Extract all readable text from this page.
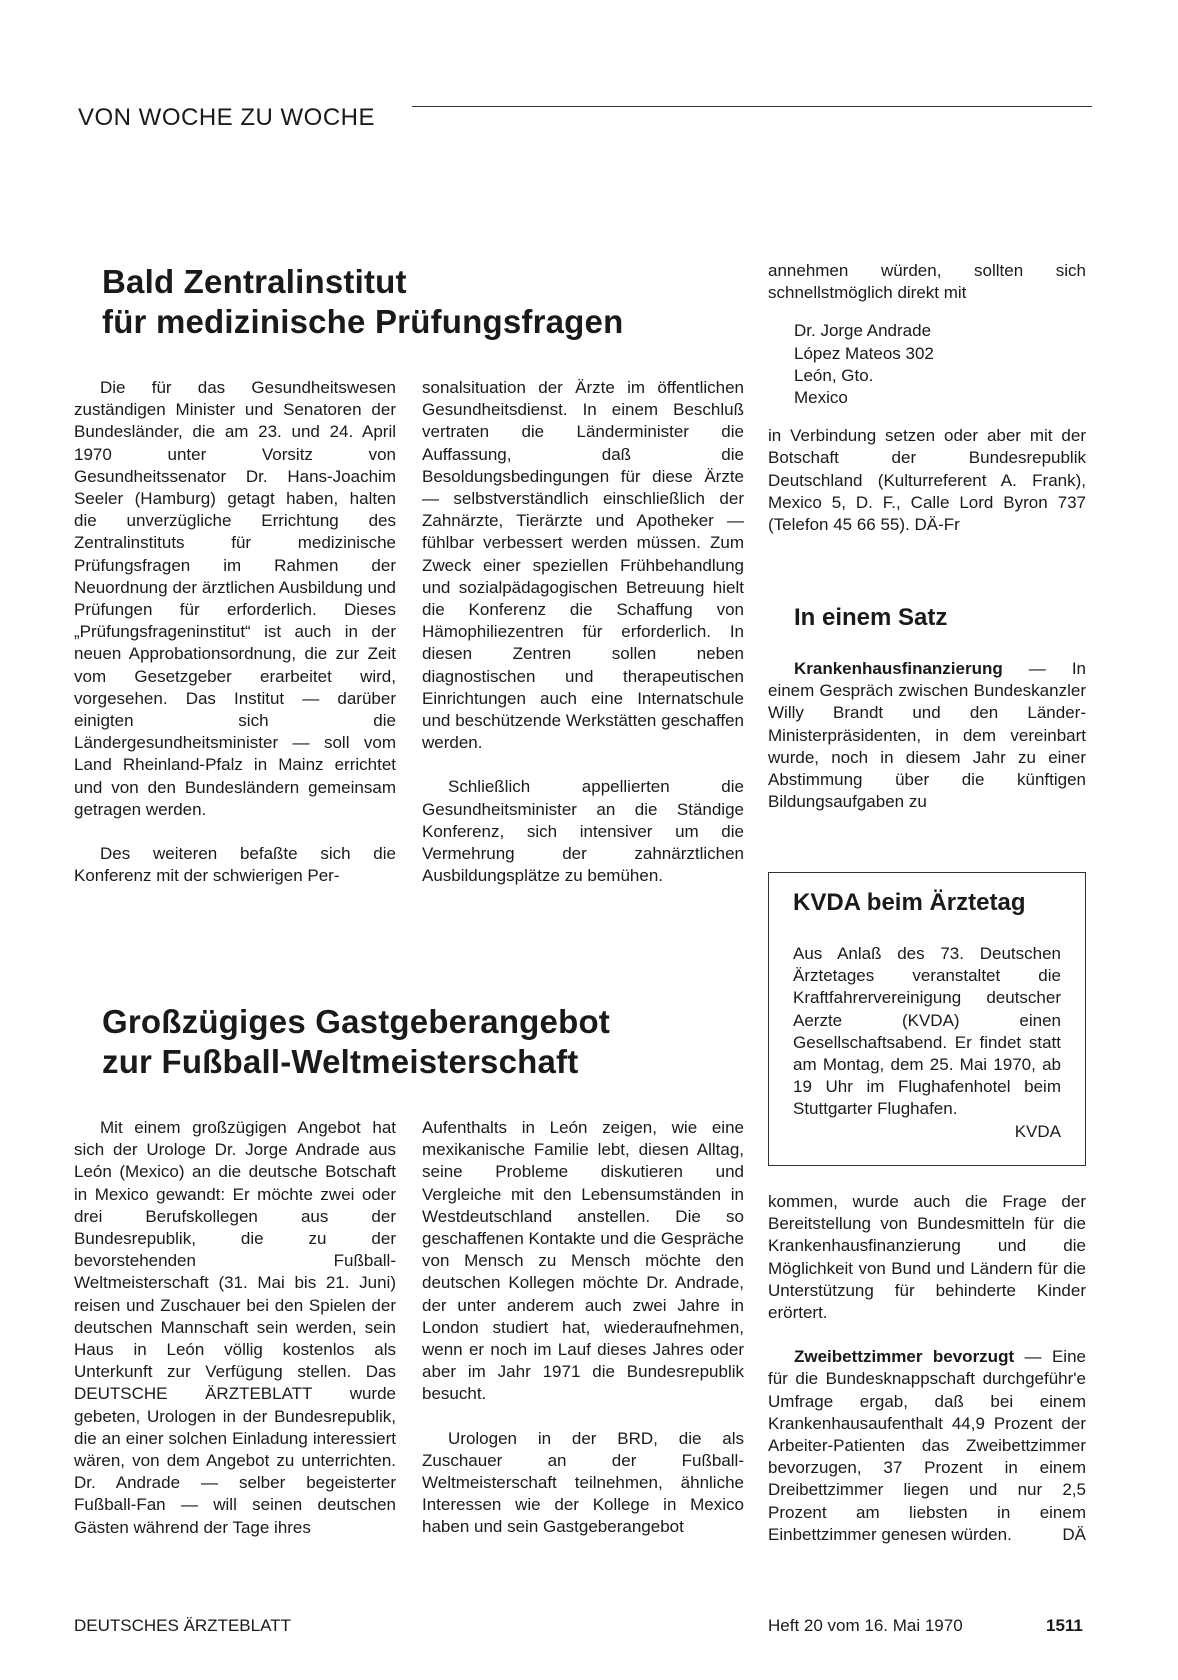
VON WOCHE ZU WOCHE
Bald Zentralinstitut
für medizinische Prüfungsfragen

Die für das Gesundheitswesen zuständigen Minister und Senatoren der Bundesländer, die am 23. und 24. April 1970 unter Vorsitz von Gesundheitssenator Dr. Hans-Joachim Seeler (Hamburg) getagt haben, halten die unverzügliche Errichtung des Zentralinstituts für medizinische Prüfungsfragen im Rahmen der Neuordnung der ärztlichen Ausbildung und Prüfungen für erforderlich. Dieses „Prüfungsfrageninstitut“ ist auch in der neuen Approbationsordnung, die zur Zeit vom Gesetzgeber erarbeitet wird, vorgesehen. Das Institut — darüber einigten sich die Ländergesundheitsminister — soll vom Land Rheinland-Pfalz in Mainz errichtet und von den Bundesländern gemeinsam getragen werden.

Des weiteren befaßte sich die Konferenz mit der schwierigen Per-

sonalsituation der Ärzte im öffentlichen Gesundheitsdienst. In einem Beschluß vertraten die Länderminister die Auffassung, daß die Besoldungsbedingungen für diese Ärzte — selbstverständlich einschließlich der Zahnärzte, Tierärzte und Apotheker — fühlbar verbessert werden müssen. Zum Zweck einer speziellen Frühbehandlung und sozialpädagogischen Betreuung hielt die Konferenz die Schaffung von Hämophiliezentren für erforderlich. In diesen Zentren sollen neben diagnostischen und therapeutischen Einrichtungen auch eine Internatschule und beschützende Werkstätten geschaffen werden.

Schließlich appellierten die Gesundheitsminister an die Ständige Konferenz, sich intensiver um die Vermehrung der zahnärztlichen Ausbildungsplätze zu bemühen.

annehmen würden, sollten sich schnellstmöglich direkt mit

Dr. Jorge Andrade
López Mateos 302
León, Gto.
Mexico

in Verbindung setzen oder aber mit der Botschaft der Bundesrepublik Deutschland (Kulturreferent A. Frank), Mexico 5, D. F., Calle Lord Byron 737 (Telefon 45 66 55). DÄ-Fr

In einem Satz

Krankenhausfinanzierung — In einem Gespräch zwischen Bundeskanzler Willy Brandt und den Länder-Ministerpräsidenten, in dem vereinbart wurde, noch in diesem Jahr zu einer Abstimmung über die künftigen Bildungsaufgaben zu

KVDA beim Ärztetag

Aus Anlaß des 73. Deutschen Ärztetages veranstaltet die Kraftfahrervereinigung deutscher Aerzte (KVDA) einen Gesellschaftsabend. Er findet statt am Montag, dem 25. Mai 1970, ab 19 Uhr im Flughafenhotel beim Stuttgarter Flughafen.

KVDA

kommen, wurde auch die Frage der Bereitstellung von Bundesmitteln für die Krankenhausfinanzierung und die Möglichkeit von Bund und Ländern für die Unterstützung für behinderte Kinder erörtert.

Zweibettzimmer bevorzugt — Eine für die Bundesknappschaft durchgeführ'e Umfrage ergab, daß bei einem Krankenhausaufenthalt 44,9 Prozent der Arbeiter-Patienten das Zweibettzimmer bevorzugen, 37 Prozent in einem Dreibettzimmer liegen und nur 2,5 Prozent am liebsten in einem Einbettzimmer genesen würden.	DÄ
Großzügiges Gastgeberangebot
zur Fußball-Weltmeisterschaft

Mit einem großzügigen Angebot hat sich der Urologe Dr. Jorge Andrade aus León (Mexico) an die deutsche Botschaft in Mexico gewandt: Er möchte zwei oder drei Berufskollegen aus der Bundesrepublik, die zu der bevorstehenden Fußball-Weltmeisterschaft (31. Mai bis 21. Juni) reisen und Zuschauer bei den Spielen der deutschen Mannschaft sein werden, sein Haus in León völlig kostenlos als Unterkunft zur Verfügung stellen. Das DEUTSCHE ÄRZTEBLATT wurde gebeten, Urologen in der Bundesrepublik, die an einer solchen Einladung interessiert wären, von dem Angebot zu unterrichten. Dr. Andrade — selber begeisterter Fußball-Fan — will seinen deutschen Gästen während der Tage ihres

Aufenthalts in León zeigen, wie eine mexikanische Familie lebt, diesen Alltag, seine Probleme diskutieren und Vergleiche mit den Lebensumständen in Westdeutschland anstellen. Die so geschaffenen Kontakte und die Gespräche von Mensch zu Mensch möchte den deutschen Kollegen möchte Dr. Andrade, der unter anderem auch zwei Jahre in London studiert hat, wiederaufnehmen, wenn er noch im Lauf dieses Jahres oder aber im Jahr 1971 die Bundesrepublik besucht.

Urologen in der BRD, die als Zuschauer an der Fußball-Weltmeisterschaft teilnehmen, ähnliche Interessen wie der Kollege in Mexico haben und sein Gastgeberangebot

DEUTSCHES ÄRZTEBLATT	Heft 20 vom 16. Mai 1970	1511
